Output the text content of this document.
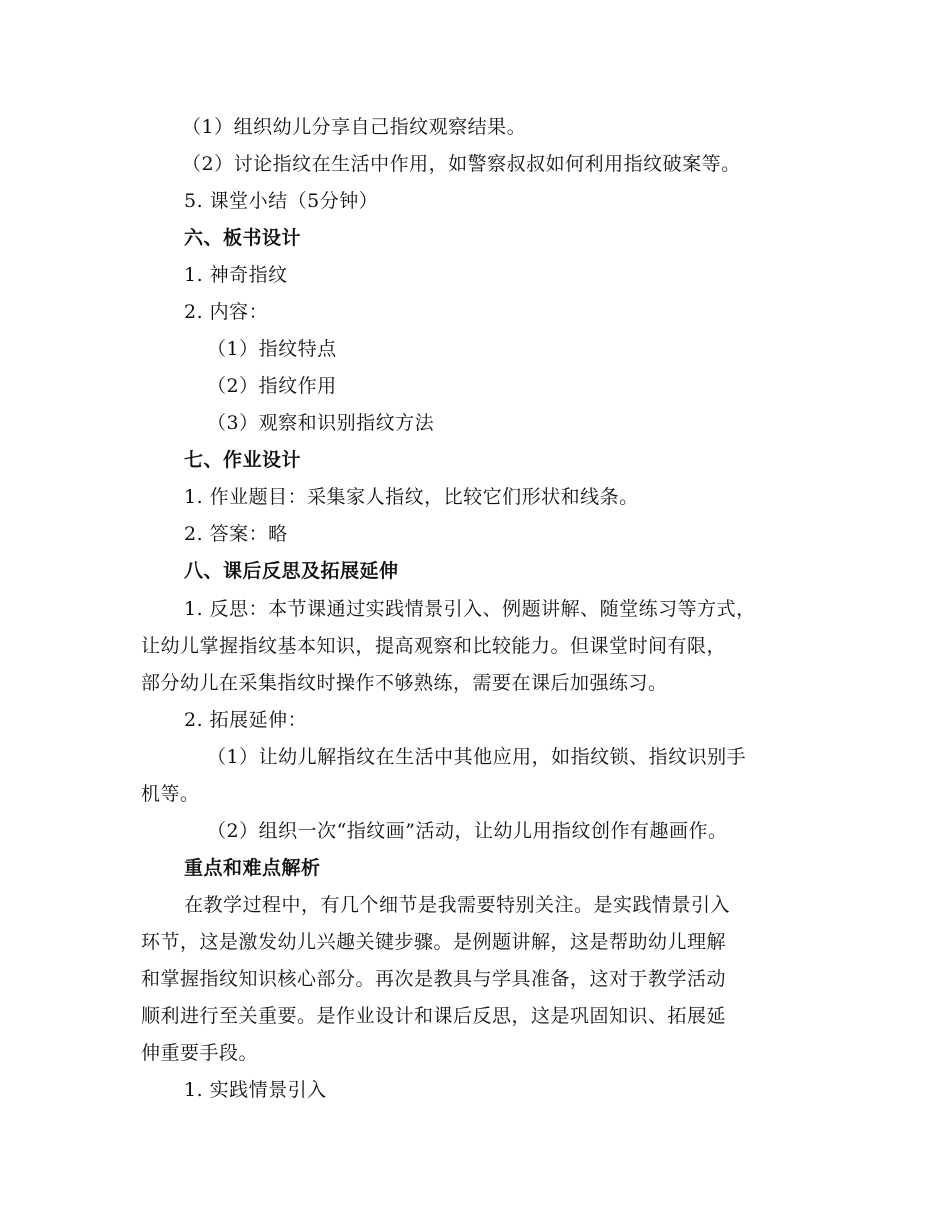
（1）组织幼儿分享自己指纹观察结果。
（2）讨论指纹在生活中作用，如警察叔叔如何利用指纹破案等。
5. 课堂小结（5分钟）
六、板书设计
1. 神奇指纹
2. 内容：
（1）指纹特点
（2）指纹作用
（3）观察和识别指纹方法
七、作业设计
1. 作业题目：采集家人指纹，比较它们形状和线条。
2. 答案：略
八、课后反思及拓展延伸
1. 反思：本节课通过实践情景引入、例题讲解、随堂练习等方式，
让幼儿掌握指纹基本知识，提高观察和比较能力。但课堂时间有限，
部分幼儿在采集指纹时操作不够熟练，需要在课后加强练习。
2. 拓展延伸：
（1）让幼儿解指纹在生活中其他应用，如指纹锁、指纹识别手
机等。
（2）组织一次“指纹画”活动，让幼儿用指纹创作有趣画作。
重点和难点解析
在教学过程中，有几个细节是我需要特别关注。是实践情景引入
环节，这是激发幼儿兴趣关键步骤。是例题讲解，这是帮助幼儿理解
和掌握指纹知识核心部分。再次是教具与学具准备，这对于教学活动
顺利进行至关重要。是作业设计和课后反思，这是巩固知识、拓展延
伸重要手段。
1. 实践情景引入
